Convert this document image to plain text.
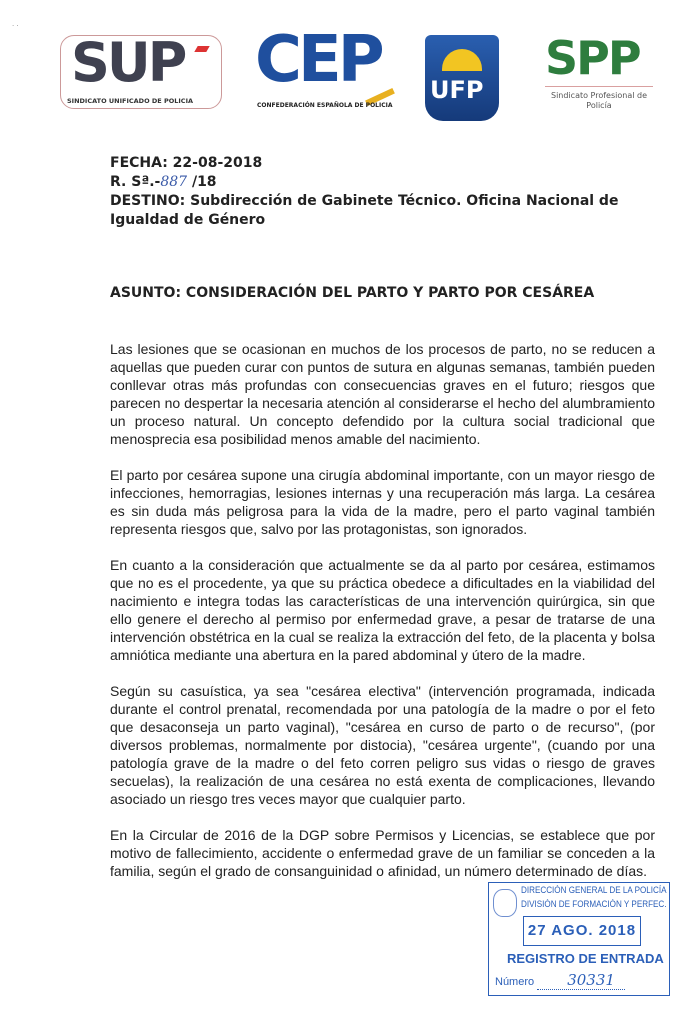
· ·
SUP
SINDICATO UNIFICADO DE POLICIA
CEP
CONFEDERACIÓN ESPAÑOLA DE POLICIA
UFP
SPP
Sindicato Profesional de Policía
FECHA: 22-08-2018
R. Sª.-887 /18
DESTINO: Subdirección de Gabinete Técnico. Oficina Nacional de Igualdad de Género
ASUNTO: CONSIDERACIÓN DEL PARTO Y PARTO POR CESÁREA

Las lesiones que se ocasionan en muchos de los procesos de parto, no se reducen a aquellas que pueden curar con puntos de sutura en algunas semanas, también pueden conllevar otras más profundas con consecuencias graves en el futuro; riesgos que parecen no despertar la necesaria atención al considerarse el hecho del alumbramiento un proceso natural. Un concepto defendido por la cultura social tradicional que menosprecia esa posibilidad menos amable del nacimiento.

El parto por cesárea supone una cirugía abdominal importante, con un mayor riesgo de infecciones, hemorragias, lesiones internas y una recuperación más larga. La cesárea es sin duda más peligrosa para la vida de la madre, pero el parto vaginal también representa riesgos que, salvo por las protagonistas, son ignorados.

En cuanto a la consideración que actualmente se da al parto por cesárea, estimamos que no es el procedente, ya que su práctica obedece a dificultades en la viabilidad del nacimiento e integra todas las características de una intervención quirúrgica, sin que ello genere el derecho al permiso por enfermedad grave, a pesar de tratarse de una intervención obstétrica en la cual se realiza la extracción del feto, de la placenta y bolsa amniótica mediante una abertura en la pared abdominal y útero de la madre.

Según su casuística, ya sea "cesárea electiva" (intervención programada, indicada durante el control prenatal, recomendada por una patología de la madre o por el feto que desaconseja un parto vaginal), "cesárea en curso de parto o de recurso", (por diversos problemas, normalmente por distocia), "cesárea urgente", (cuando por una patología grave de la madre o del feto corren peligro sus vidas o riesgo de graves secuelas), la realización de una cesárea no está exenta de complicaciones, llevando asociado un riesgo tres veces mayor que cualquier parto.

En la Circular de 2016 de la DGP sobre Permisos y Licencias, se establece que por motivo de fallecimiento, accidente o enfermedad grave de un familiar se conceden a la familia, según el grado de consanguinidad o afinidad, un número determinado de días.

DIRECCIÓN GENERAL DE LA POLICÍA
DIVISIÓN DE FORMACIÓN Y PERFEC.
27 AGO. 2018
REGISTRO DE ENTRADA
Número 30331
